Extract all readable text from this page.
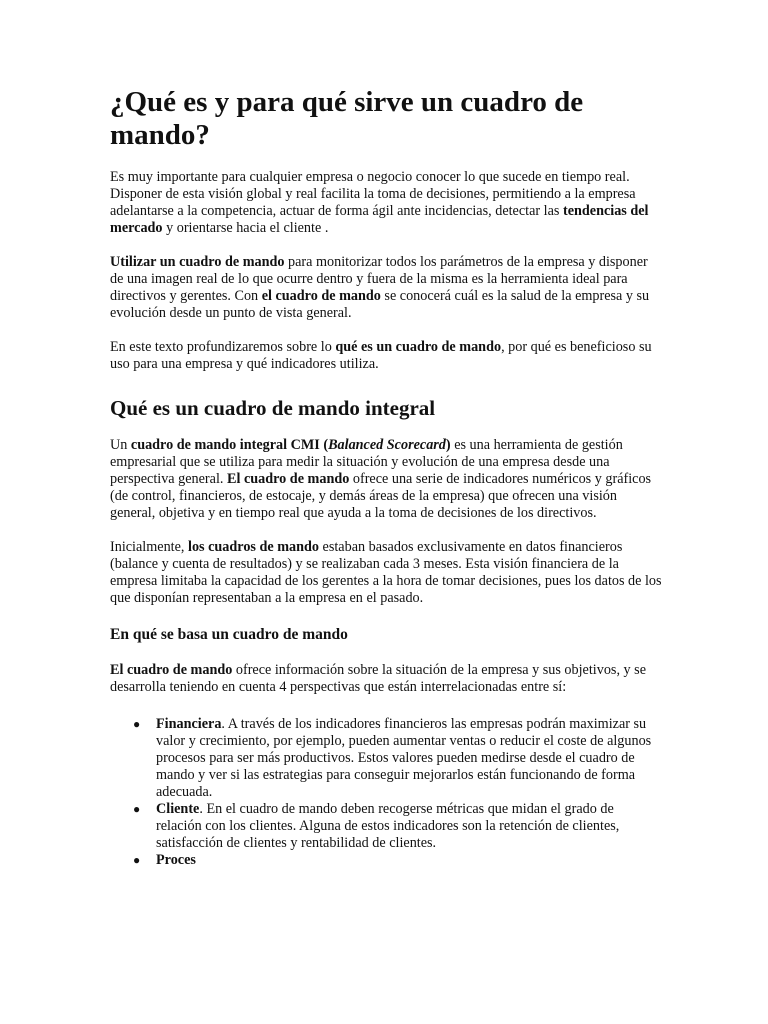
¿Qué es y para qué sirve un cuadro de mando?

Es muy importante para cualquier empresa o negocio conocer lo que sucede en tiempo real. Disponer de esta visión global y real facilita la toma de decisiones, permitiendo a la empresa adelantarse a la competencia, actuar de forma ágil ante incidencias, detectar las tendencias del mercado y orientarse hacia el cliente .

Utilizar un cuadro de mando para monitorizar todos los parámetros de la empresa y disponer de una imagen real de lo que ocurre dentro y fuera de la misma es la herramienta ideal para directivos y gerentes. Con el cuadro de mando se conocerá cuál es la salud de la empresa y su evolución desde un punto de vista general.

En este texto profundizaremos sobre lo qué es un cuadro de mando, por qué es beneficioso su uso para una empresa y qué indicadores utiliza.

Qué es un cuadro de mando integral

Un cuadro de mando integral CMI (Balanced Scorecard) es una herramienta de gestión empresarial que se utiliza para medir la situación y evolución de una empresa desde una perspectiva general. El cuadro de mando ofrece una serie de indicadores numéricos y gráficos (de control, financieros, de estocaje, y demás áreas de la empresa) que ofrecen una visión general, objetiva y en tiempo real que ayuda a la toma de decisiones de los directivos.

Inicialmente, los cuadros de mando estaban basados exclusivamente en datos financieros (balance y cuenta de resultados) y se realizaban cada 3 meses. Esta visión financiera de la empresa limitaba la capacidad de los gerentes a la hora de tomar decisiones, pues los datos de los que disponían representaban a la empresa en el pasado.

En qué se basa un cuadro de mando

El cuadro de mando ofrece información sobre la situación de la empresa y sus objetivos, y se desarrolla teniendo en cuenta 4 perspectivas que están interrelacionadas entre sí:

● Financiera. A través de los indicadores financieros las empresas podrán maximizar su valor y crecimiento, por ejemplo, pueden aumentar ventas o reducir el coste de algunos procesos para ser más productivos. Estos valores pueden medirse desde el cuadro de mando y ver si las estrategias para conseguir mejorarlos están funcionando de forma adecuada.
● Cliente. En el cuadro de mando deben recogerse métricas que midan el grado de relación con los clientes. Alguna de estos indicadores son la retención de clientes, satisfacción de clientes y rentabilidad de clientes.
● Proces
